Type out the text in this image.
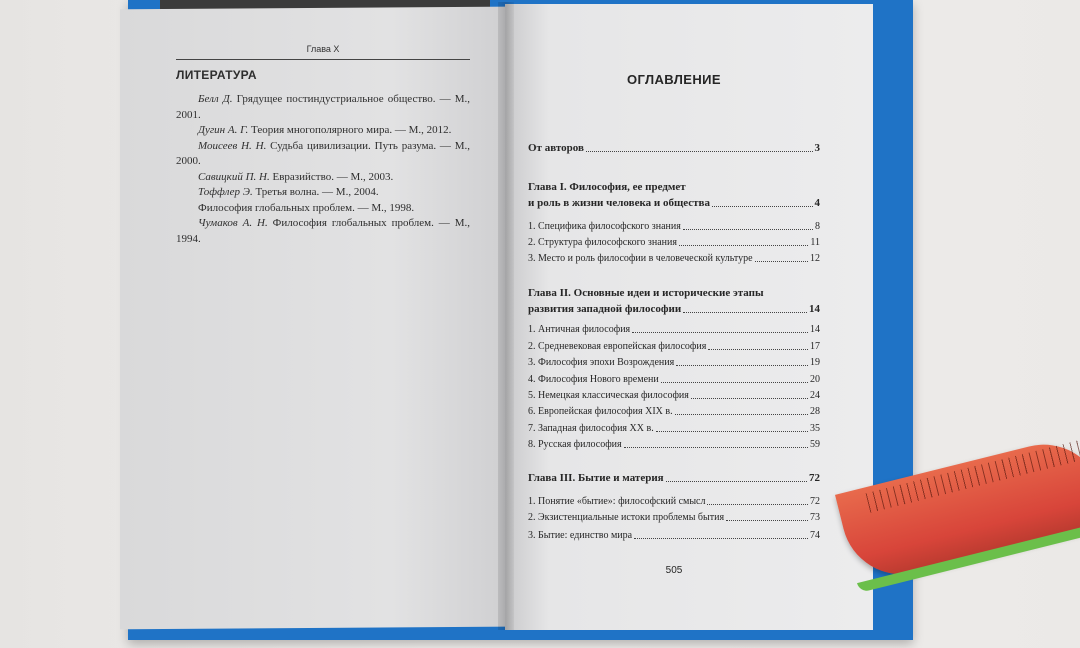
Глава X
ЛИТЕРАТУРА
Белл Д. Грядущее постиндустриальное общество. — М., 2001.
Дугин А. Г. Теория многополярного мира. — М., 2012.
Моисеев Н. Н. Судьба цивилизации. Путь разума. — М., 2000.
Савицкий П. Н. Евразийство. — М., 2003.
Тоффлер Э. Третья волна. — М., 2004.
Философия глобальных проблем. — М., 1998.
Чумаков А. Н. Философия глобальных проблем. — М., 1994.
ОГЛАВЛЕНИЕ
От авторов	3
Глава I. Философия, ее предмет
и роль в жизни человека и общества	4
1. Специфика философского знания	8
2. Структура философского знания	11
3. Место и роль философии в человеческой культуре	12
Глава II. Основные идеи и исторические этапы
развития западной философии	14
1. Античная философия	14
2. Средневековая европейская философия	17
3. Философия эпохи Возрождения	19
4. Философия Нового времени	20
5. Немецкая классическая философия	24
6. Европейская философия XIX в.	28
7. Западная философия XX в.	35
8. Русская философия	59
Глава III. Бытие и материя	72
1. Понятие «бытие»: философский смысл	72
2. Экзистенциальные истоки проблемы бытия	73
3. Бытие: единство мира	74
505
